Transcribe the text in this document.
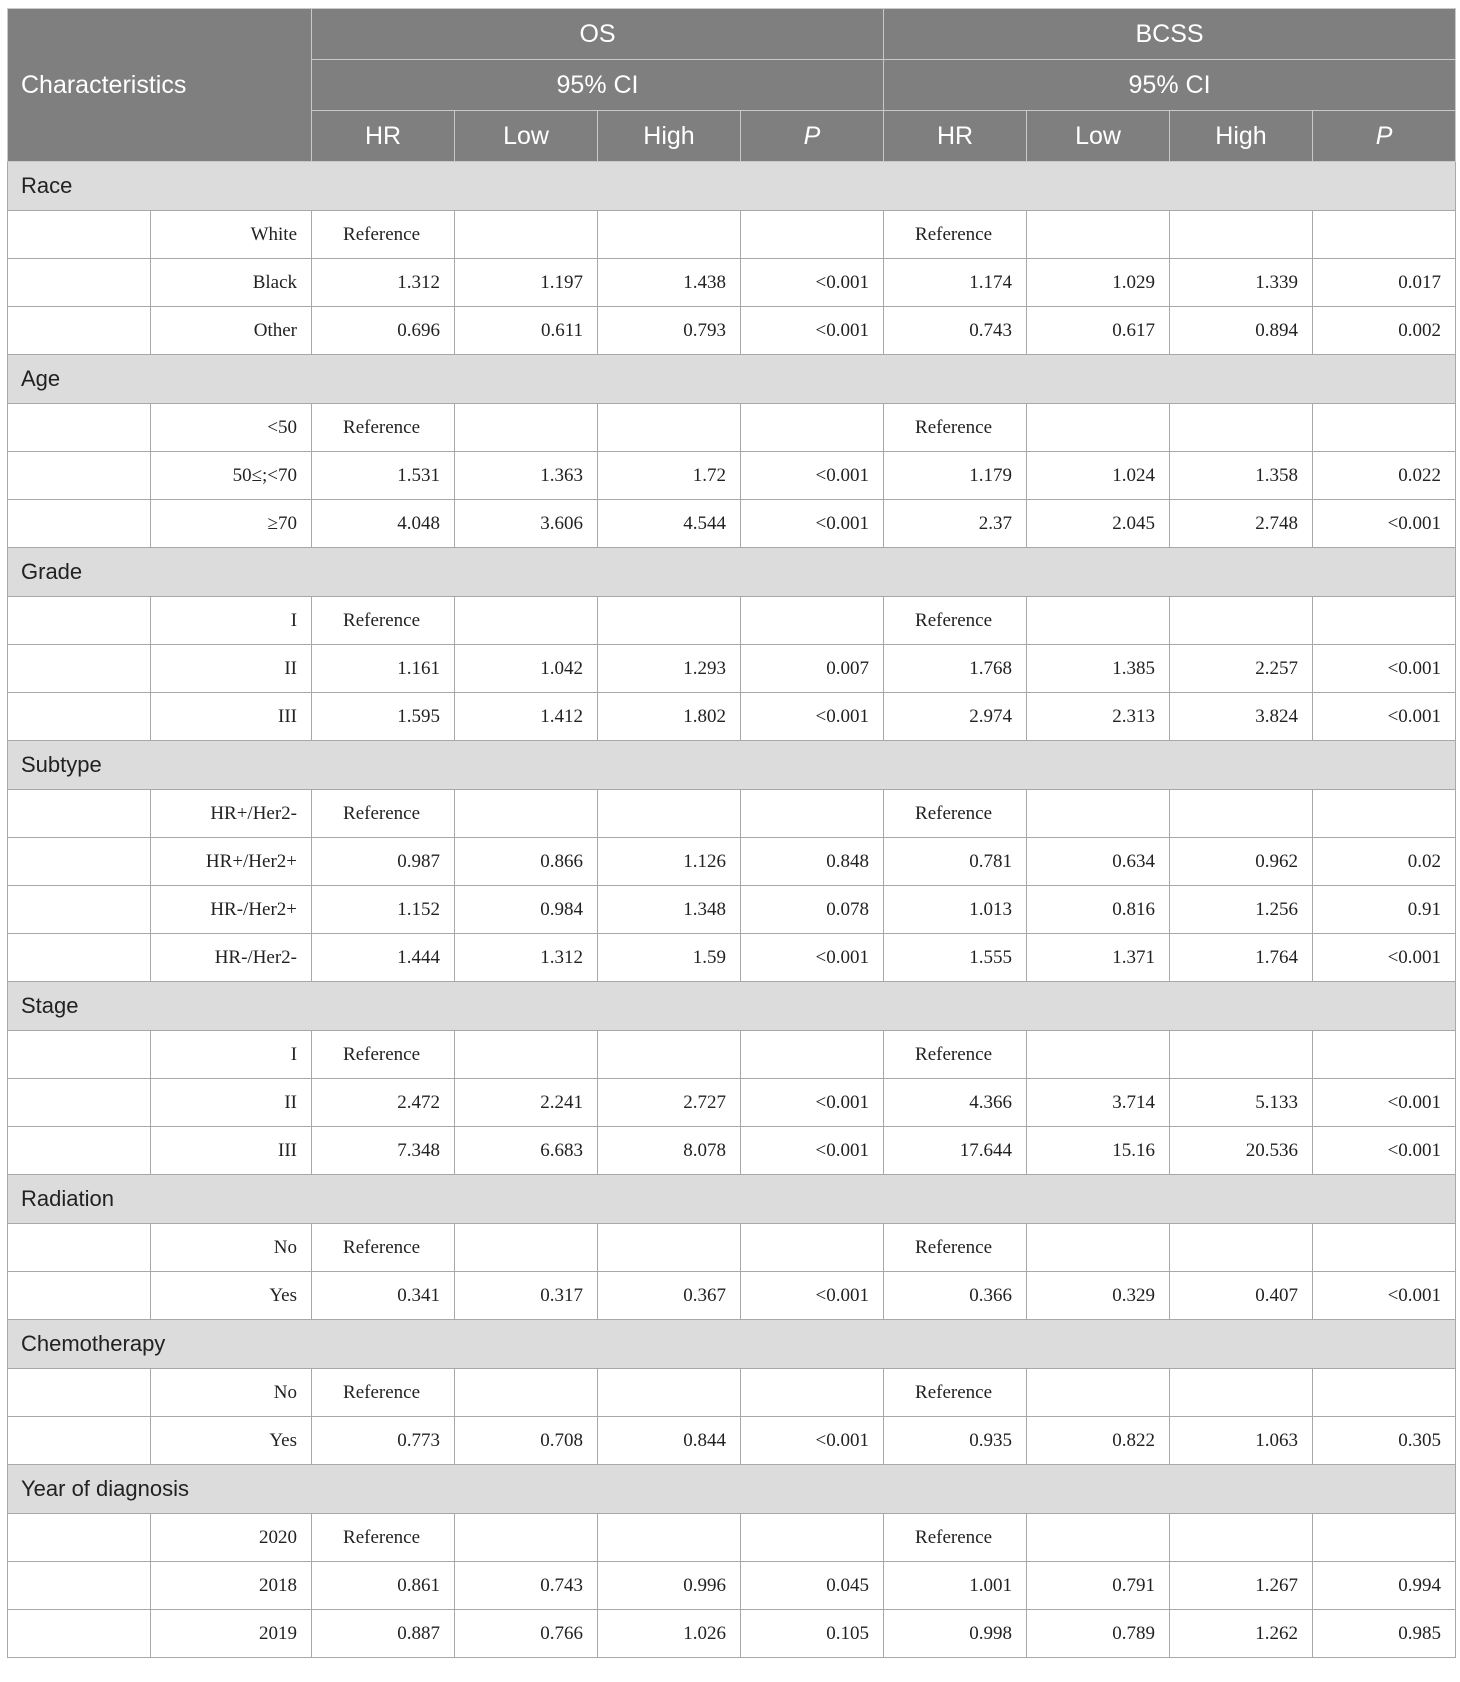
Characteristics		OS				BCSS			
		95% CI				95% CI			
		HR	Low	High	P	HR	Low	High	P
Race									
	White	Reference				Reference			
	Black	1.312	1.197	1.438	<0.001	1.174	1.029	1.339	0.017
	Other	0.696	0.611	0.793	<0.001	0.743	0.617	0.894	0.002
Age									
	<50	Reference				Reference			
	50≤;<70	1.531	1.363	1.72	<0.001	1.179	1.024	1.358	0.022
	≥70	4.048	3.606	4.544	<0.001	2.37	2.045	2.748	<0.001
Grade									
	I	Reference				Reference			
	II	1.161	1.042	1.293	0.007	1.768	1.385	2.257	<0.001
	III	1.595	1.412	1.802	<0.001	2.974	2.313	3.824	<0.001
Subtype									
	HR+/Her2-	Reference				Reference			
	HR+/Her2+	0.987	0.866	1.126	0.848	0.781	0.634	0.962	0.02
	HR-/Her2+	1.152	0.984	1.348	0.078	1.013	0.816	1.256	0.91
	HR-/Her2-	1.444	1.312	1.59	<0.001	1.555	1.371	1.764	<0.001
Stage									
	I	Reference				Reference			
	II	2.472	2.241	2.727	<0.001	4.366	3.714	5.133	<0.001
	III	7.348	6.683	8.078	<0.001	17.644	15.16	20.536	<0.001
Radiation									
	No	Reference				Reference			
	Yes	0.341	0.317	0.367	<0.001	0.366	0.329	0.407	<0.001
Chemotherapy									
	No	Reference				Reference			
	Yes	0.773	0.708	0.844	<0.001	0.935	0.822	1.063	0.305
Year of diagnosis									
	2020	Reference				Reference			
	2018	0.861	0.743	0.996	0.045	1.001	0.791	1.267	0.994
	2019	0.887	0.766	1.026	0.105	0.998	0.789	1.262	0.985
